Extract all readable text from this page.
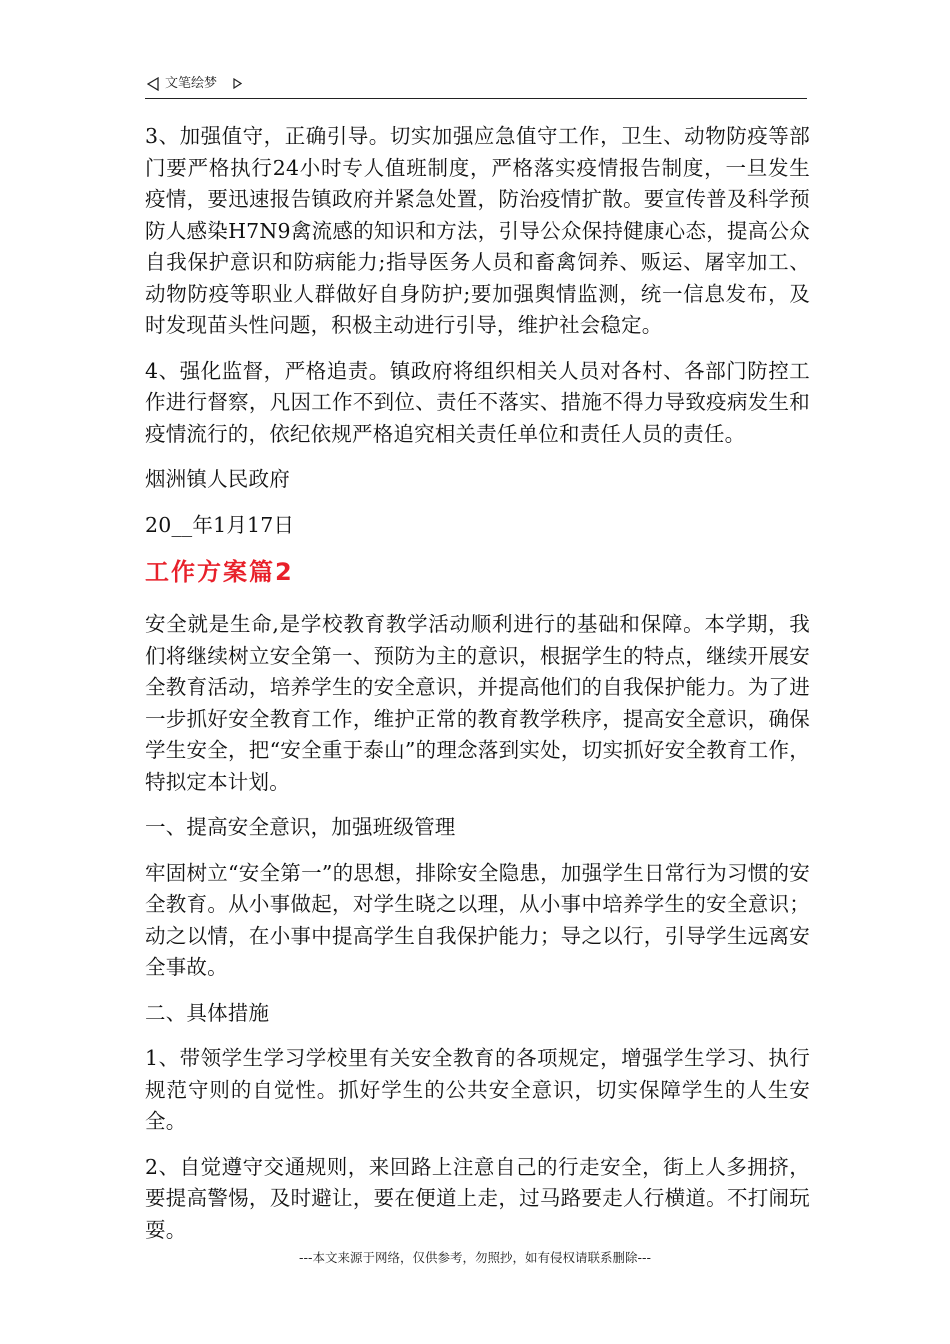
文笔绘梦

3、加强值守，正确引导。切实加强应急值守工作，卫生、动物防疫等部门要严格执行24小时专人值班制度，严格落实疫情报告制度，一旦发生疫情，要迅速报告镇政府并紧急处置，防治疫情扩散。要宣传普及科学预防人感染H7N9禽流感的知识和方法，引导公众保持健康心态，提高公众自我保护意识和防病能力;指导医务人员和畜禽饲养、贩运、屠宰加工、动物防疫等职业人群做好自身防护;要加强舆情监测，统一信息发布，及时发现苗头性问题，积极主动进行引导，维护社会稳定。

4、强化监督，严格追责。镇政府将组织相关人员对各村、各部门防控工作进行督察，凡因工作不到位、责任不落实、措施不得力导致疫病发生和疫情流行的，依纪依规严格追究相关责任单位和责任人员的责任。

烟洲镇人民政府

20__年1月17日

工作方案篇2

安全就是生命,是学校教育教学活动顺利进行的基础和保障。本学期，我们将继续树立安全第一、预防为主的意识，根据学生的特点，继续开展安全教育活动，培养学生的安全意识，并提高他们的自我保护能力。为了进一步抓好安全教育工作，维护正常的教育教学秩序，提高安全意识，确保学生安全，把“安全重于泰山”的理念落到实处，切实抓好安全教育工作，特拟定本计划。

一、提高安全意识，加强班级管理

牢固树立“安全第一”的思想，排除安全隐患，加强学生日常行为习惯的安全教育。从小事做起，对学生晓之以理，从小事中培养学生的安全意识；动之以情，在小事中提高学生自我保护能力；导之以行，引导学生远离安全事故。

二、具体措施

1、带领学生学习学校里有关安全教育的各项规定，增强学生学习、执行规范守则的自觉性。抓好学生的公共安全意识，切实保障学生的人生安全。

2、自觉遵守交通规则，来回路上注意自己的行走安全，街上人多拥挤，要提高警惕，及时避让，要在便道上走，过马路要走人行横道。不打闹玩耍。

---本文来源于网络，仅供参考，勿照抄，如有侵权请联系删除---
